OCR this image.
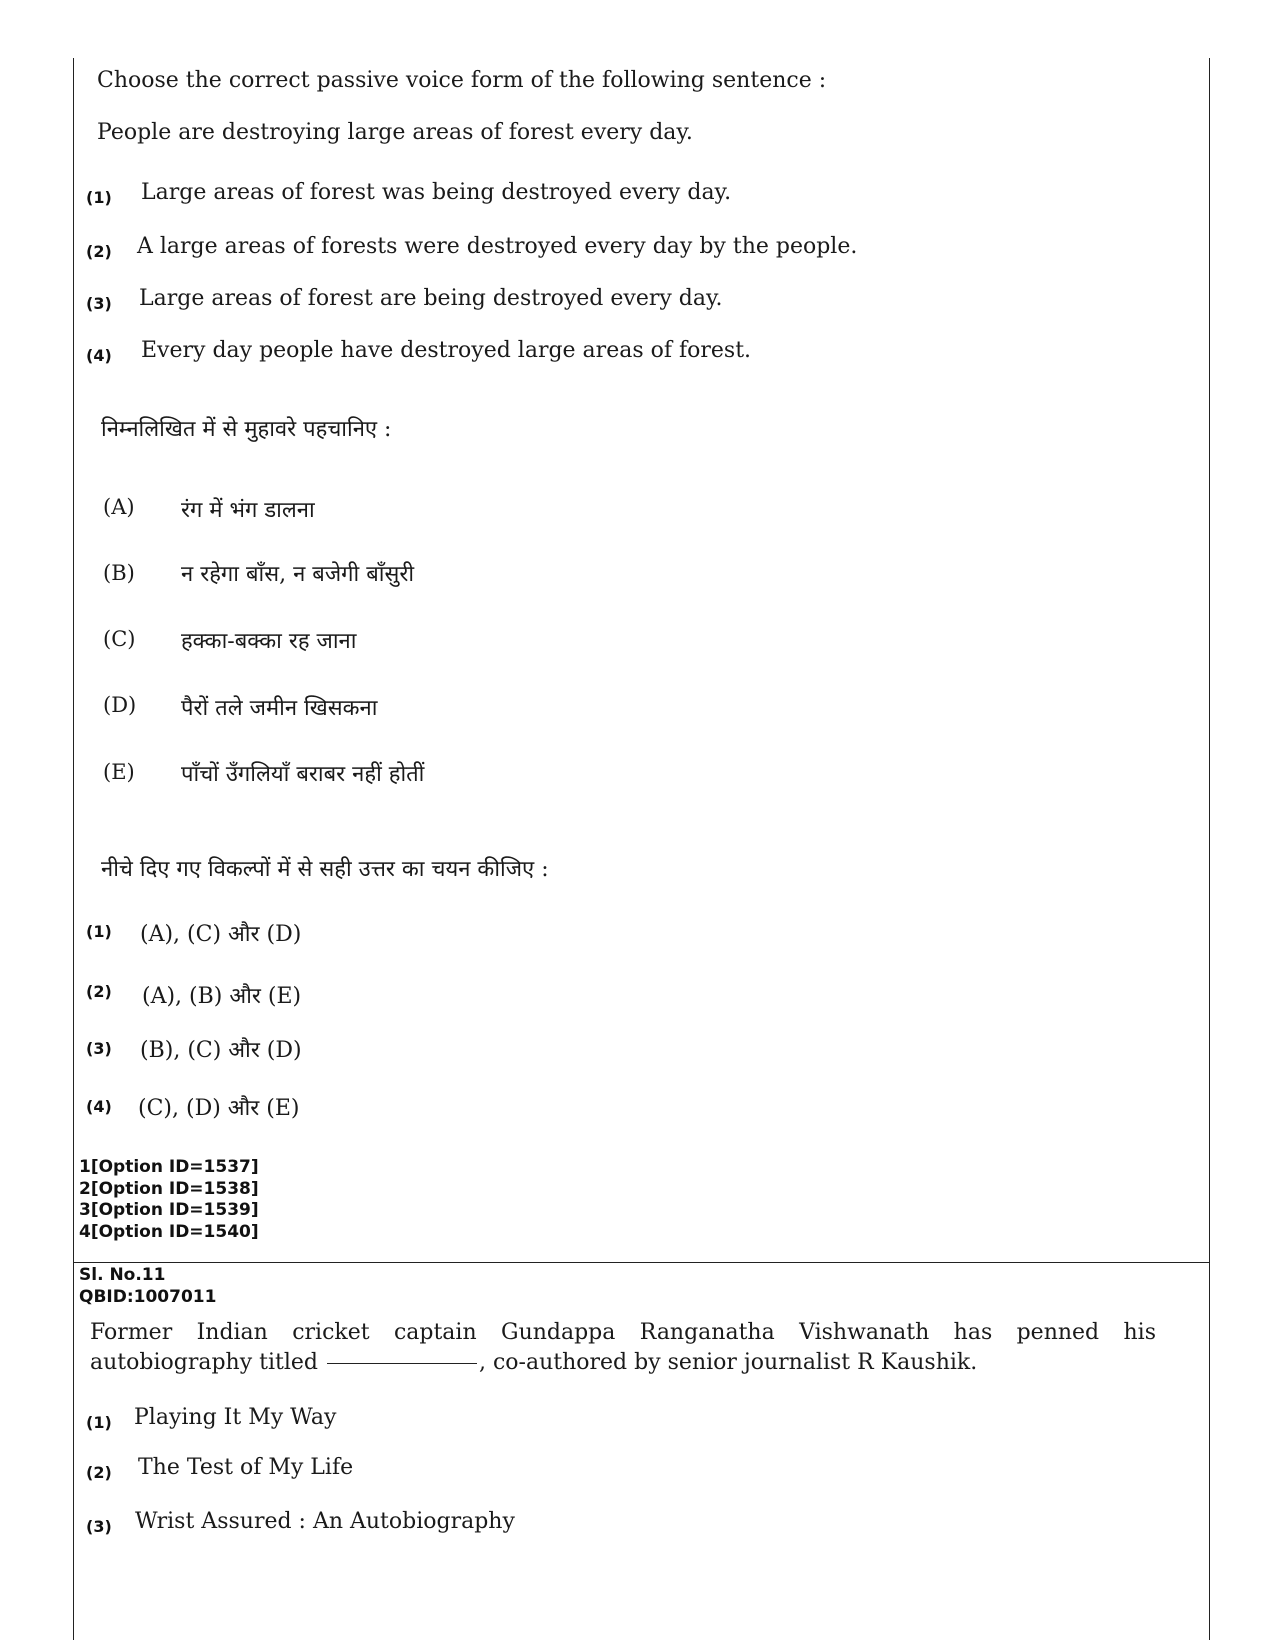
Choose the correct passive voice form of the following sentence :
People are destroying large areas of forest every day.
(1) Large areas of forest was being destroyed every day.
(2) A large areas of forests were destroyed every day by the people.
(3) Large areas of forest are being destroyed every day.
(4) Every day people have destroyed large areas of forest.
निम्नलिखित में से मुहावरे पहचानिए :
(A) रंग में भंग डालना
(B) न रहेगा बाँस, न बजेगी बाँसुरी
(C) हक्का-बक्का रह जाना
(D) पैरों तले जमीन खिसकना
(E) पाँचों उँगलियाँ बराबर नहीं होतीं
नीचे दिए गए विकल्पों में से सही उत्तर का चयन कीजिए :
(1) (A), (C) और (D)
(2) (A), (B) और (E)
(3) (B), (C) और (D)
(4) (C), (D) और (E)
1[Option ID=1537]
2[Option ID=1538]
3[Option ID=1539]
4[Option ID=1540]
Sl. No.11
QBID:1007011
Former Indian cricket captain Gundappa Ranganatha Vishwanath has penned his autobiography titled	, co-authored by senior journalist R Kaushik.
(1) Playing It My Way
(2) The Test of My Life
(3) Wrist Assured : An Autobiography
